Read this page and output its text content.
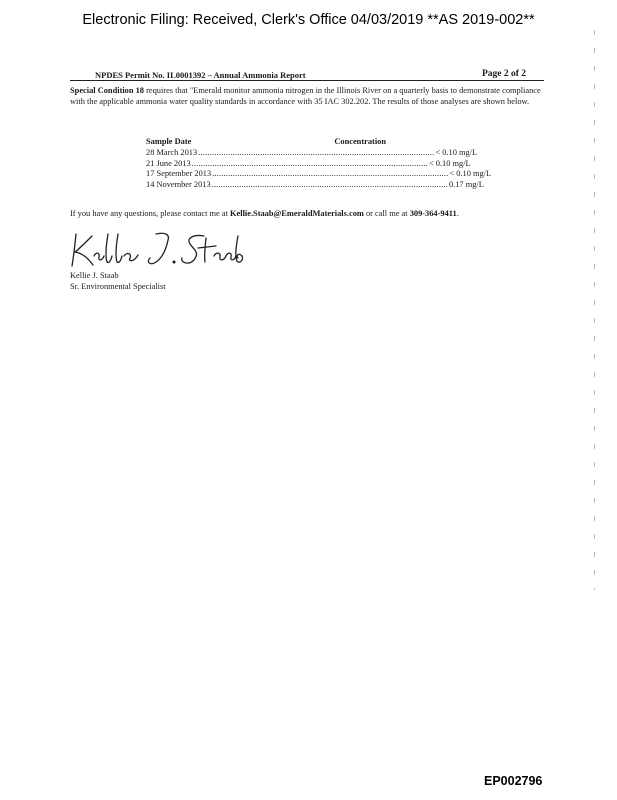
Electronic Filing: Received, Clerk's Office 04/03/2019 **AS 2019-002**
NPDES Permit No. IL0001392 – Annual Ammonia Report	Page 2 of 2

Special Condition 18 requires that "Emerald monitor ammonia nitrogen in the Illinois River on a quarterly basis to demonstrate compliance with the applicable ammonia water quality standards in accordance with 35 IAC 302.202. The results of those analyses are shown below.

Sample Date	Concentration
28 March 2013 ....................................................................................................... < 0.10 mg/L
21 June 2013 ....................................................................................................... < 0.10 mg/L
17 September 2013 ....................................................................................................... < 0.10 mg/L
14 November 2013 ....................................................................................................... 0.17 mg/L

If you have any questions, please contact me at Kellie.Staab@EmeraldMaterials.com or call me at 309-364-9411.

Kellie J. Staab
Sr. Environmental Specialist
EP002796
